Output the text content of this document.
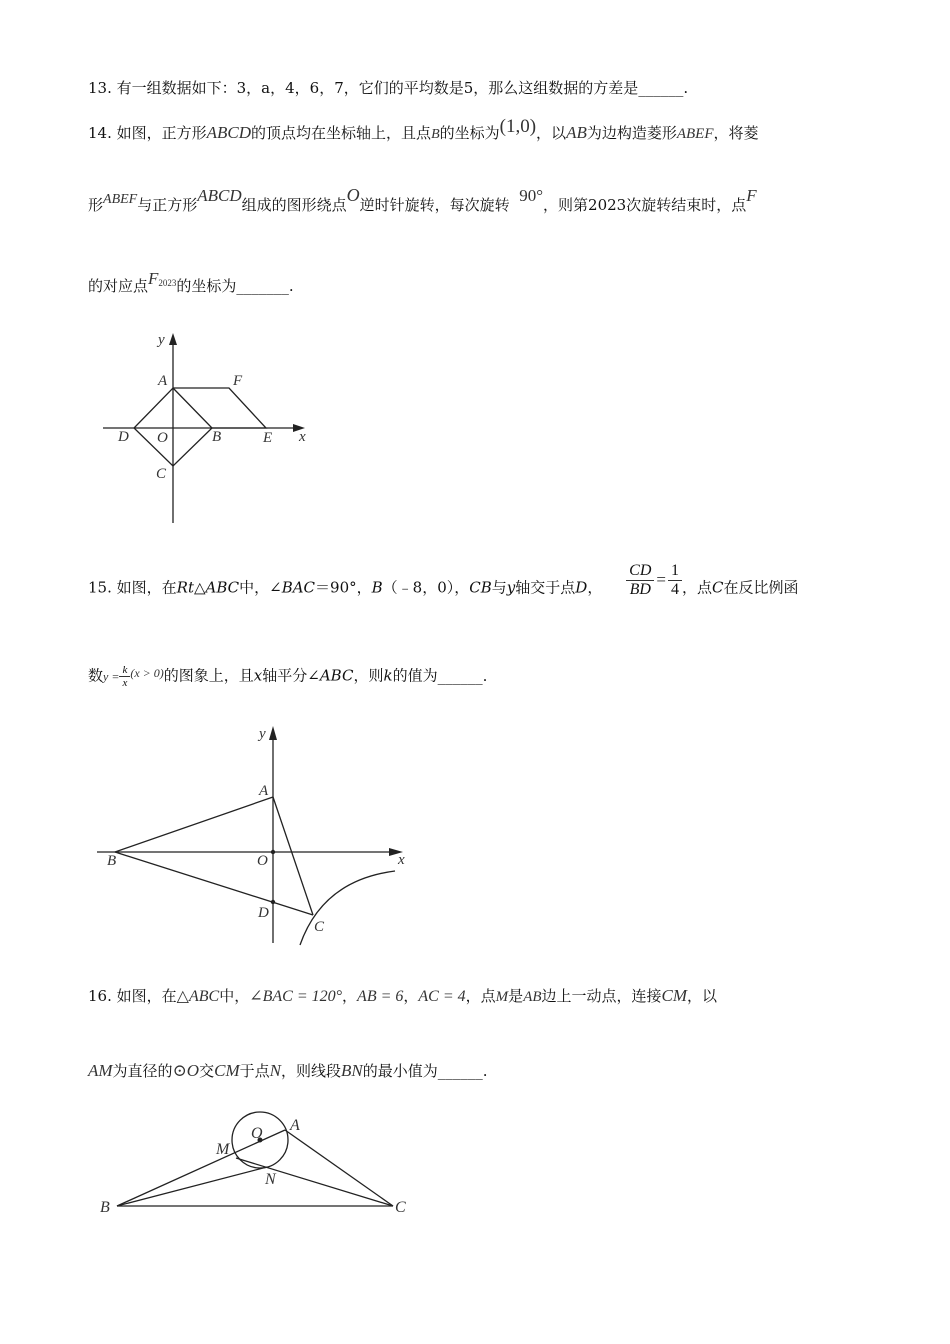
13. 有一组数据如下：3，a，4，6，7，它们的平均数是5，那么这组数据的方差是______.
14. 如图，正方形ABCD的顶点均在坐标轴上，且点B的坐标为(1,0)，以AB为边构造菱形ABEF，将菱
形ABEF与正方形ABCD组成的图形绕点O逆时针旋转，每次旋转 90°，则第2023次旋转结束时，点F
的对应点$F^{2023}$的坐标为_______.
y
x
A	F
D O	B	E
C
15. 如图，在Rt△ABC中，∠BAC＝90°，B（﹣8，0），CB与y轴交于点D， $\frac{CD}{BD} = \frac{1}{4}$ ，点C在反比例函
数$y = \frac{k}{x} ^{(x > 0)}$的图象上，且x轴平分∠ABC，则k的值为______.
y
x
A
B	O
D
C
16. 如图，在△ABC中，∠BAC = 120°，AB = 6，AC = 4，点M是AB边上一动点，连接CM，以
AM为直径的⊙O交CM于点N，则线段BN的最小值为______.
O A
M
N
B	C
